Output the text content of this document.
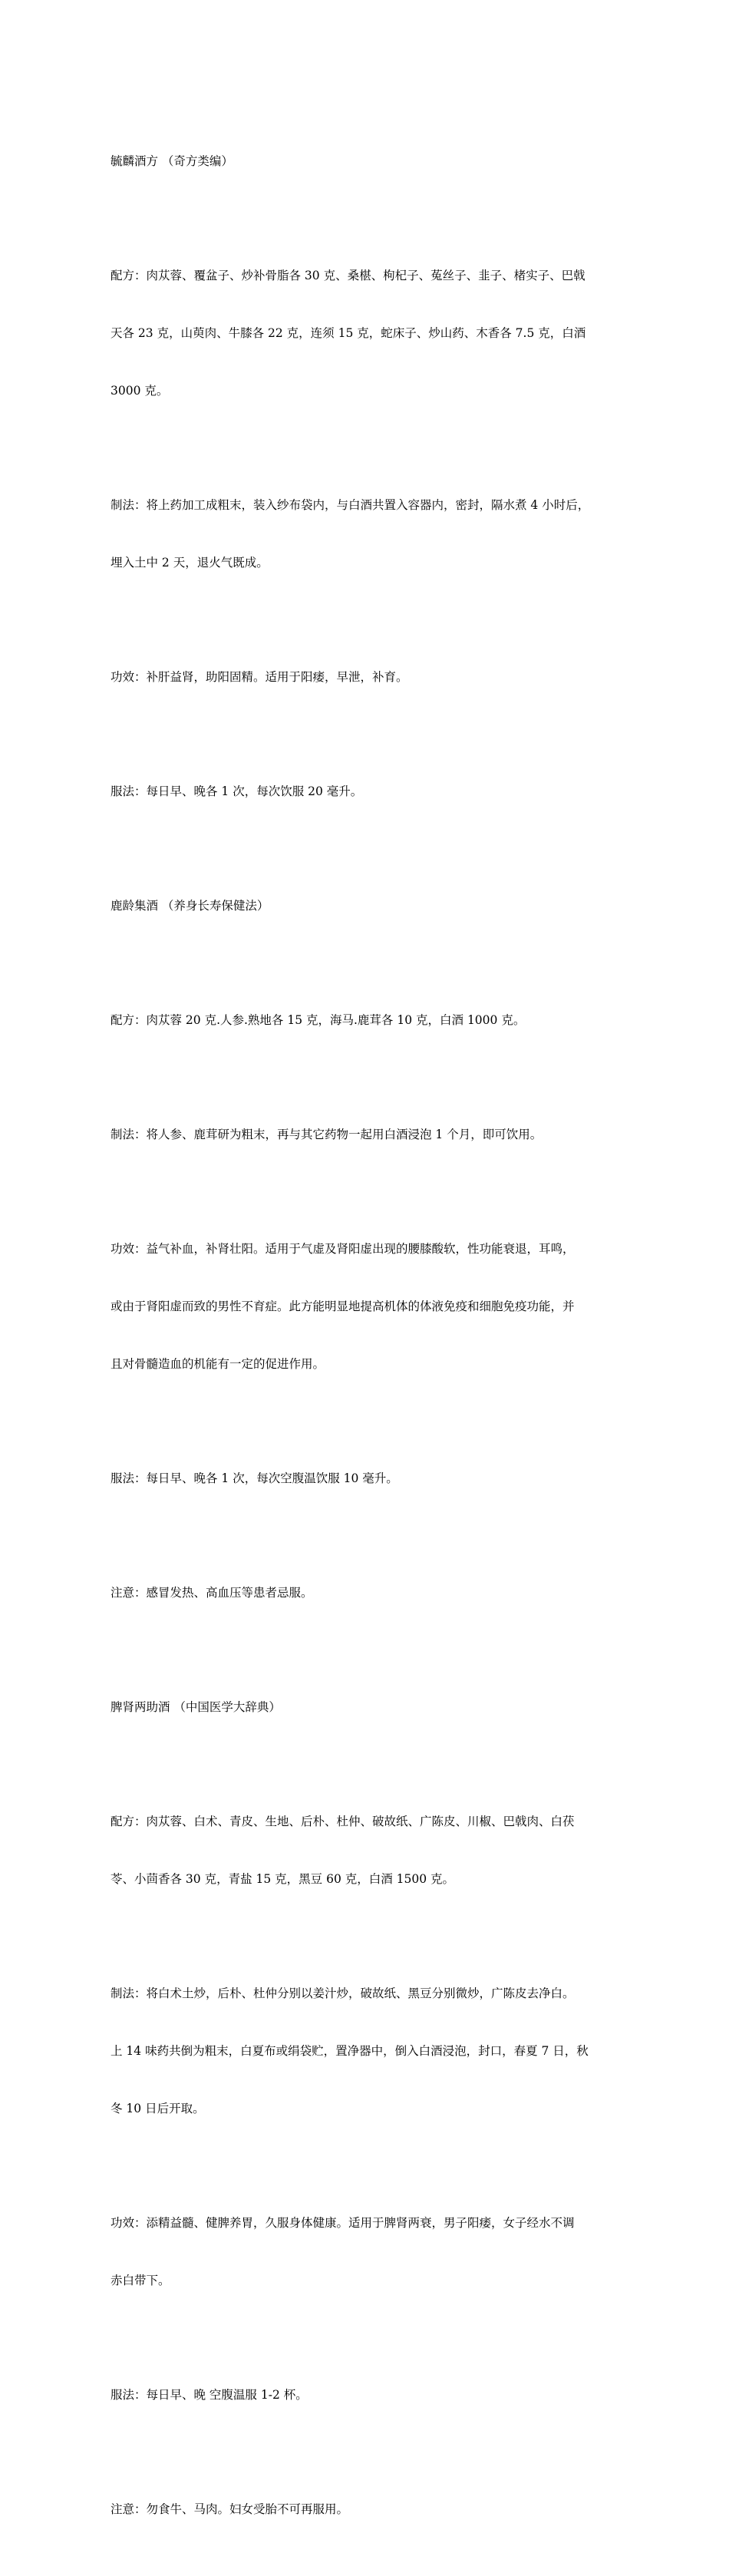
毓麟酒方 （奇方类编）

配方：肉苁蓉、覆盆子、炒补骨脂各 30 克、桑椹、枸杞子、菟丝子、韭子、楮实子、巴戟

天各 23 克，山萸肉、牛膝各 22 克，连须 15 克，蛇床子、炒山药、木香各 7.5 克，白酒

3000 克。

制法：将上药加工成粗末，装入纱布袋内，与白酒共置入容器内，密封，隔水煮 4 小时后，

埋入土中 2 天，退火气既成。

功效：补肝益肾，助阳固精。适用于阳痿，早泄，补育。

服法：每日早、晚各 1 次，每次饮服 20 毫升。

鹿龄集酒 （养身长寿保健法）

配方：肉苁蓉 20 克.人参.熟地各 15 克，海马.鹿茸各 10 克，白酒 1000 克。

制法：将人参、鹿茸研为粗末，再与其它药物一起用白酒浸泡 1 个月，即可饮用。

功效：益气补血，补肾壮阳。适用于气虚及肾阳虚出现的腰膝酸软，性功能衰退，耳鸣，

或由于肾阳虚而致的男性不育症。此方能明显地提高机体的体液免疫和细胞免疫功能，并

且对骨髓造血的机能有一定的促进作用。

服法：每日早、晚各 1 次，每次空腹温饮服 10 毫升。

注意：感冒发热、高血压等患者忌服。

脾肾两助酒 （中国医学大辞典）

配方：肉苁蓉、白术、青皮、生地、后朴、杜仲、破故纸、广陈皮、川椒、巴戟肉、白茯

苓、小茴香各 30 克，青盐 15 克，黑豆 60 克，白酒 1500 克。

制法：将白术土炒，后朴、杜仲分别以姜汁炒，破故纸、黑豆分别微炒，广陈皮去净白。

上 14 味药共倒为粗末，白夏布或绢袋贮，置净器中，倒入白酒浸泡，封口，春夏 7 日，秋

冬 10 日后开取。

功效：添精益髓、健脾养胃，久服身体健康。适用于脾肾两衰，男子阳痿，女子经水不调

赤白带下。

服法：每日早、晚 空腹温服 1-2 杯。

注意：勿食牛、马肉。妇女受胎不可再服用。
